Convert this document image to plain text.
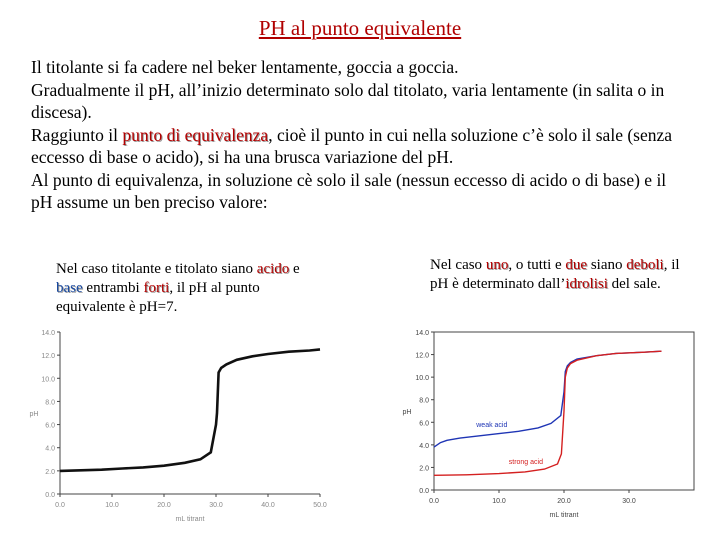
PH al punto equivalente

Il titolante si fa cadere nel beker lentamente, goccia a goccia.

Gradualmente il pH, all’inizio determinato solo dal titolato, varia lentamente (in salita o in discesa).

Raggiunto il punto di equivalenza, cioè il punto in cui nella soluzione c’è solo il sale (senza eccesso di base o acido), si ha una brusca variazione del pH.

Al punto di equivalenza, in soluzione cè solo il sale (nessun eccesso di acido o di base) e il pH assume un ben preciso valore:

Nel caso titolante e titolato siano acido e base entrambi forti, il pH al punto equivalente è pH=7.
Nel caso uno, o tutti e due siano deboli, il pH è determinato dall’idrolisi del sale.
0.0
2.0
4.0
6.0
8.0
10.0
12.0
14.0
0.0	10.0	20.0	30.0	40.0	50.0
mL titrant
pH
0.0
2.0
4.0
6.0
8.0
10.0
12.0
14.0
0.0	10.0	20.0	30.0
mL titrant
pH
weak acid
strong acid
